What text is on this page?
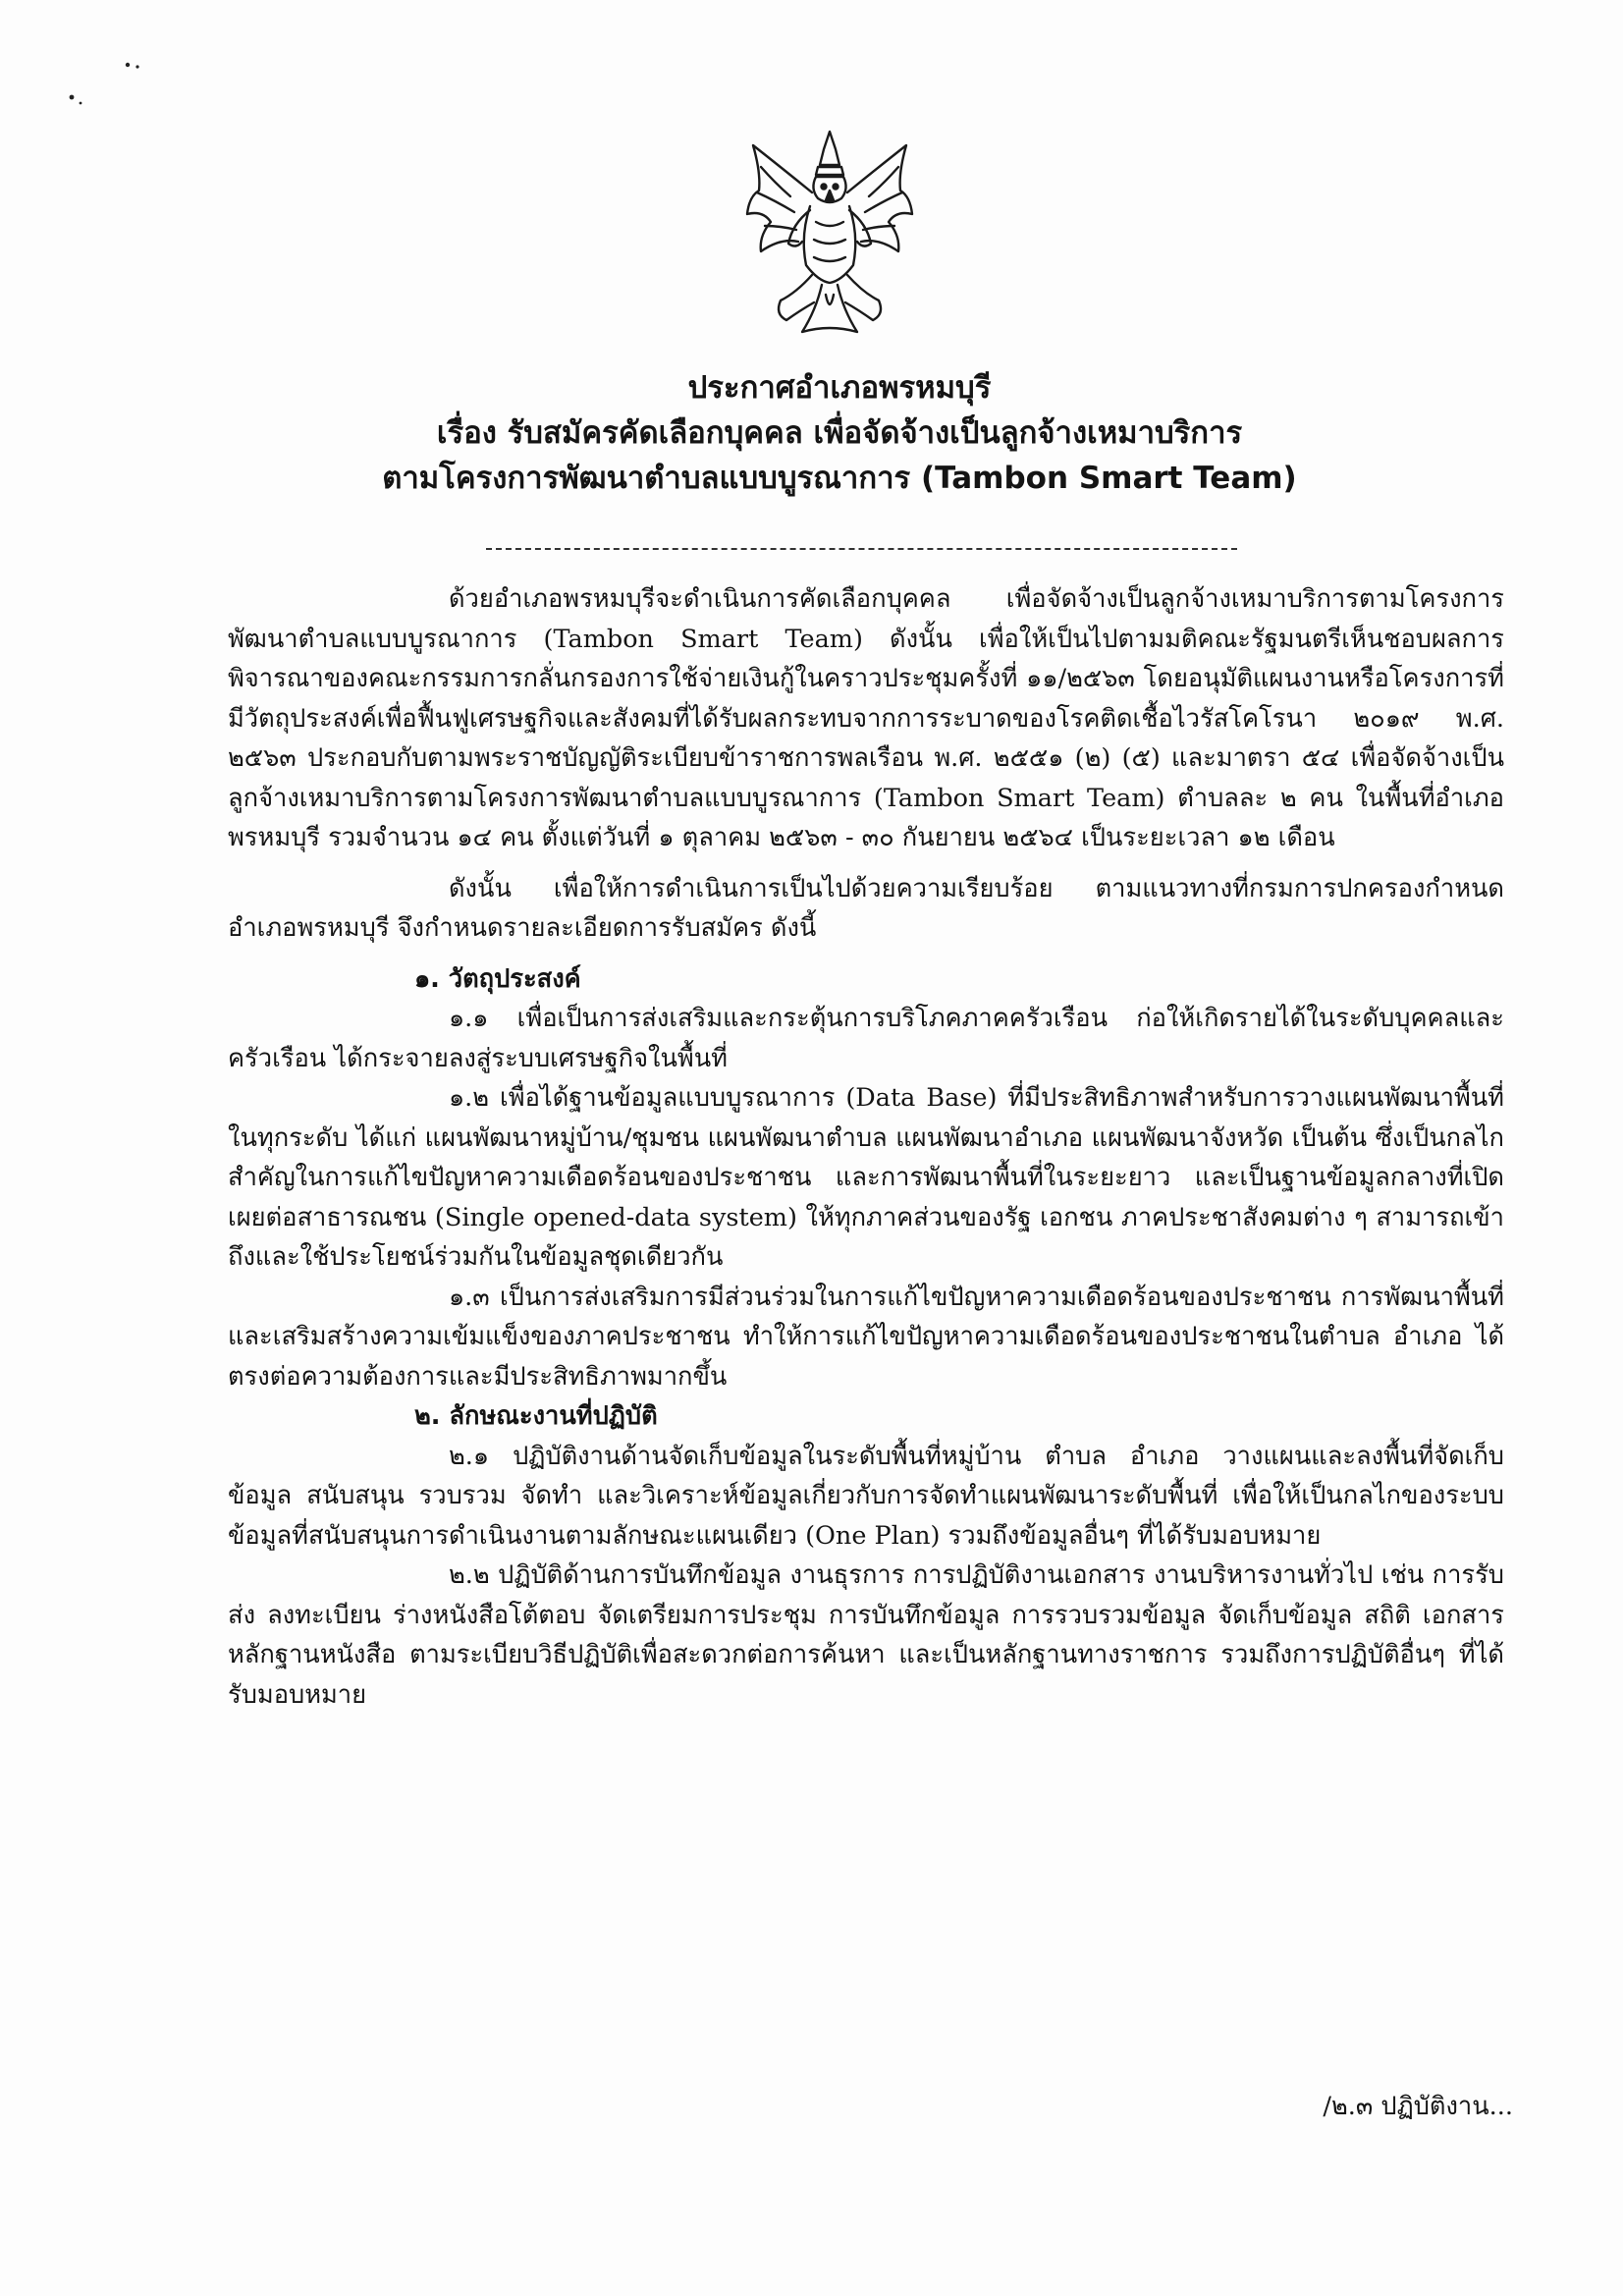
ประกาศอำเภอพรหมบุรี
เรื่อง รับสมัครคัดเลือกบุคคล เพื่อจัดจ้างเป็นลูกจ้างเหมาบริการ
ตามโครงการพัฒนาตำบลแบบบูรณาการ (Tambon Smart Team)

ด้วยอำเภอพรหมบุรีจะดำเนินการคัดเลือกบุคคล เพื่อจัดจ้างเป็นลูกจ้างเหมาบริการตามโครงการพัฒนาตำบลแบบบูรณาการ (Tambon Smart Team) ดังนั้น เพื่อให้เป็นไปตามมติคณะรัฐมนตรีเห็นชอบผลการพิจารณาของคณะกรรมการกลั่นกรองการใช้จ่ายเงินกู้ในคราวประชุมครั้งที่ ๑๑/๒๕๖๓ โดยอนุมัติแผนงานหรือโครงการที่มีวัตถุประสงค์เพื่อฟื้นฟูเศรษฐกิจและสังคมที่ได้รับผลกระทบจากการระบาดของโรคติดเชื้อไวรัสโคโรนา ๒๐๑๙ พ.ศ. ๒๕๖๓ ประกอบกับตามพระราชบัญญัติระเบียบข้าราชการพลเรือน พ.ศ. ๒๕๕๑ (๒) (๕) และมาตรา ๕๔ เพื่อจัดจ้างเป็นลูกจ้างเหมาบริการตามโครงการพัฒนาตำบลแบบบูรณาการ (Tambon Smart Team) ตำบลละ ๒ คน ในพื้นที่อำเภอพรหมบุรี รวมจำนวน ๑๔ คน ตั้งแต่วันที่ ๑ ตุลาคม ๒๕๖๓ - ๓๐ กันยายน ๒๕๖๔ เป็นระยะเวลา ๑๒ เดือน

ดังนั้น เพื่อให้การดำเนินการเป็นไปด้วยความเรียบร้อย ตามแนวทางที่กรมการปกครองกำหนด อำเภอพรหมบุรี จึงกำหนดรายละเอียดการรับสมัคร ดังนี้

๑. วัตถุประสงค์

๑.๑ เพื่อเป็นการส่งเสริมและกระตุ้นการบริโภคภาคครัวเรือน ก่อให้เกิดรายได้ในระดับบุคคลและครัวเรือน ได้กระจายลงสู่ระบบเศรษฐกิจในพื้นที่

๑.๒ เพื่อได้ฐานข้อมูลแบบบูรณาการ (Data Base) ที่มีประสิทธิภาพสำหรับการวางแผนพัฒนาพื้นที่ในทุกระดับ ได้แก่ แผนพัฒนาหมู่บ้าน/ชุมชน แผนพัฒนาตำบล แผนพัฒนาอำเภอ แผนพัฒนาจังหวัด เป็นต้น ซึ่งเป็นกลไกสำคัญในการแก้ไขปัญหาความเดือดร้อนของประชาชน และการพัฒนาพื้นที่ในระยะยาว และเป็นฐานข้อมูลกลางที่เปิดเผยต่อสาธารณชน (Single opened-data system) ให้ทุกภาคส่วนของรัฐ เอกชน ภาคประชาสังคมต่าง ๆ สามารถเข้าถึงและใช้ประโยชน์ร่วมกันในข้อมูลชุดเดียวกัน

๑.๓ เป็นการส่งเสริมการมีส่วนร่วมในการแก้ไขปัญหาความเดือดร้อนของประชาชน การพัฒนาพื้นที่ และเสริมสร้างความเข้มแข็งของภาคประชาชน ทำให้การแก้ไขปัญหาความเดือดร้อนของประชาชนในตำบล อำเภอ ได้ตรงต่อความต้องการและมีประสิทธิภาพมากขึ้น

๒. ลักษณะงานที่ปฏิบัติ

๒.๑ ปฏิบัติงานด้านจัดเก็บข้อมูลในระดับพื้นที่หมู่บ้าน ตำบล อำเภอ วางแผนและลงพื้นที่จัดเก็บข้อมูล สนับสนุน รวบรวม จัดทำ และวิเคราะห์ข้อมูลเกี่ยวกับการจัดทำแผนพัฒนาระดับพื้นที่ เพื่อให้เป็นกลไกของระบบข้อมูลที่สนับสนุนการดำเนินงานตามลักษณะแผนเดียว (One Plan) รวมถึงข้อมูลอื่นๆ ที่ได้รับมอบหมาย

๒.๒ ปฏิบัติด้านการบันทึกข้อมูล งานธุรการ การปฏิบัติงานเอกสาร งานบริหารงานทั่วไป เช่น การรับส่ง ลงทะเบียน ร่างหนังสือโต้ตอบ จัดเตรียมการประชุม การบันทึกข้อมูล การรวบรวมข้อมูล จัดเก็บข้อมูล สถิติ เอกสาร หลักฐานหนังสือ ตามระเบียบวิธีปฏิบัติเพื่อสะดวกต่อการค้นหา และเป็นหลักฐานทางราชการ รวมถึงการปฏิบัติอื่นๆ ที่ได้รับมอบหมาย

/๒.๓ ปฏิบัติงาน...
